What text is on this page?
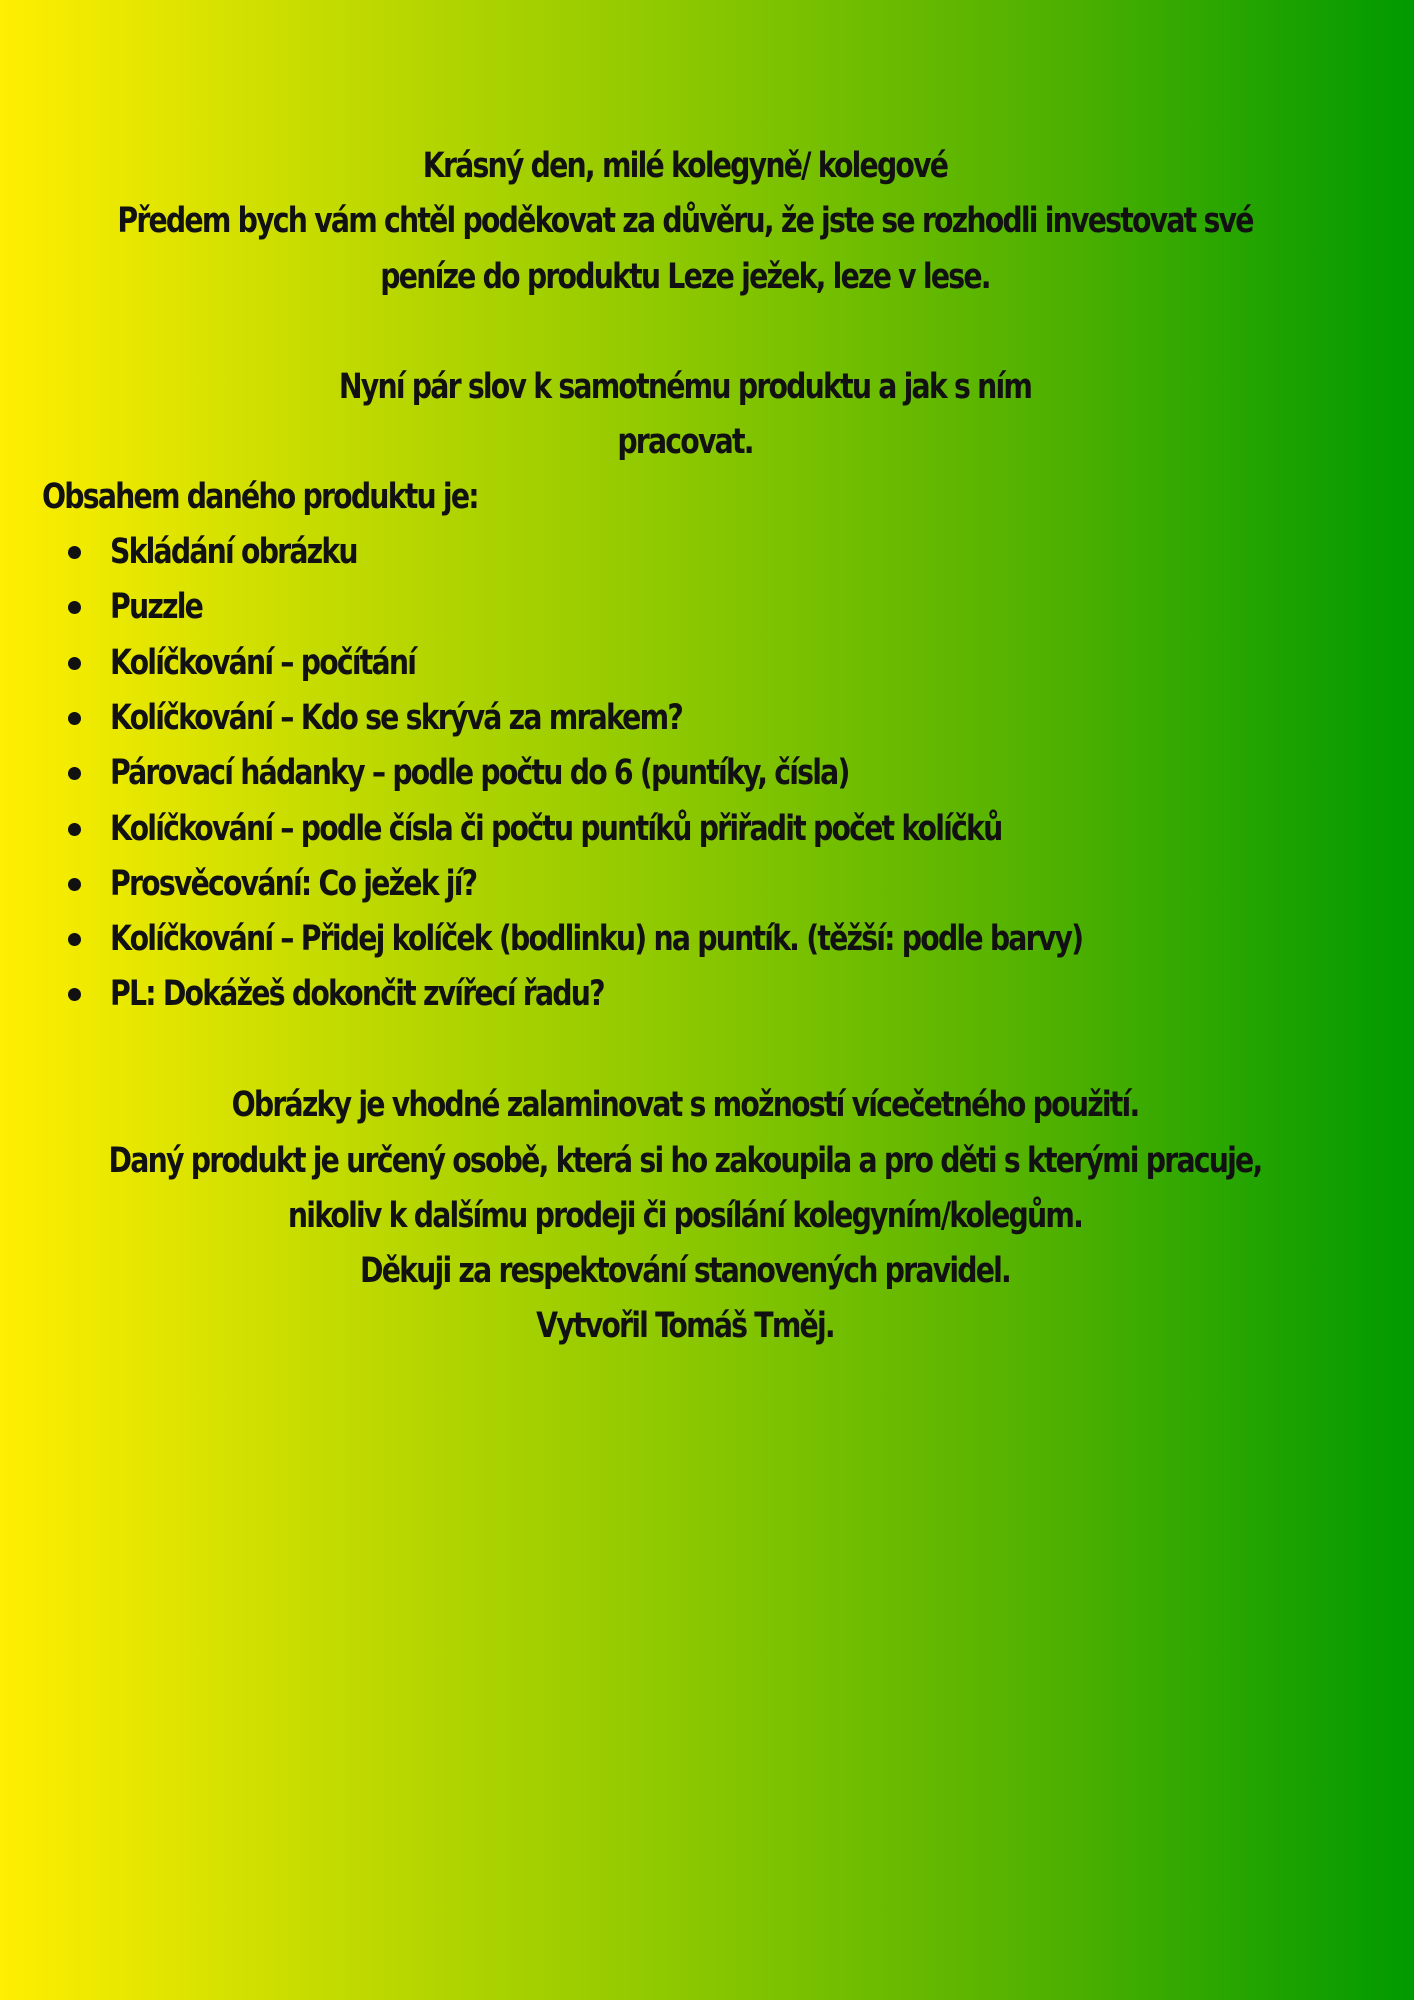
Krásný den, milé kolegyně/ kolegové
Předem bych vám chtěl poděkovat za důvěru, že jste se rozhodli investovat své
peníze do produktu Leze ježek, leze v lese.
Nyní pár slov k samotnému produktu a jak s ním
pracovat.
Obsahem daného produktu je:
Skládání obrázku
Puzzle
Kolíčkování – počítání
Kolíčkování – Kdo se skrývá za mrakem?
Párovací hádanky – podle počtu do 6 (puntíky, čísla)
Kolíčkování – podle čísla či počtu puntíků přiřadit počet kolíčků
Prosvěcování: Co ježek jí?
Kolíčkování – Přidej kolíček (bodlinku) na puntík. (těžší: podle barvy)
PL: Dokážeš dokončit zvířecí řadu?
Obrázky je vhodné zalaminovat s možností vícečetného použití.
Daný produkt je určený osobě, která si ho zakoupila a pro děti s kterými pracuje,
nikoliv k dalšímu prodeji či posílání kolegyním/kolegům.
Děkuji za respektování stanovených pravidel.
Vytvořil Tomáš Tměj.
